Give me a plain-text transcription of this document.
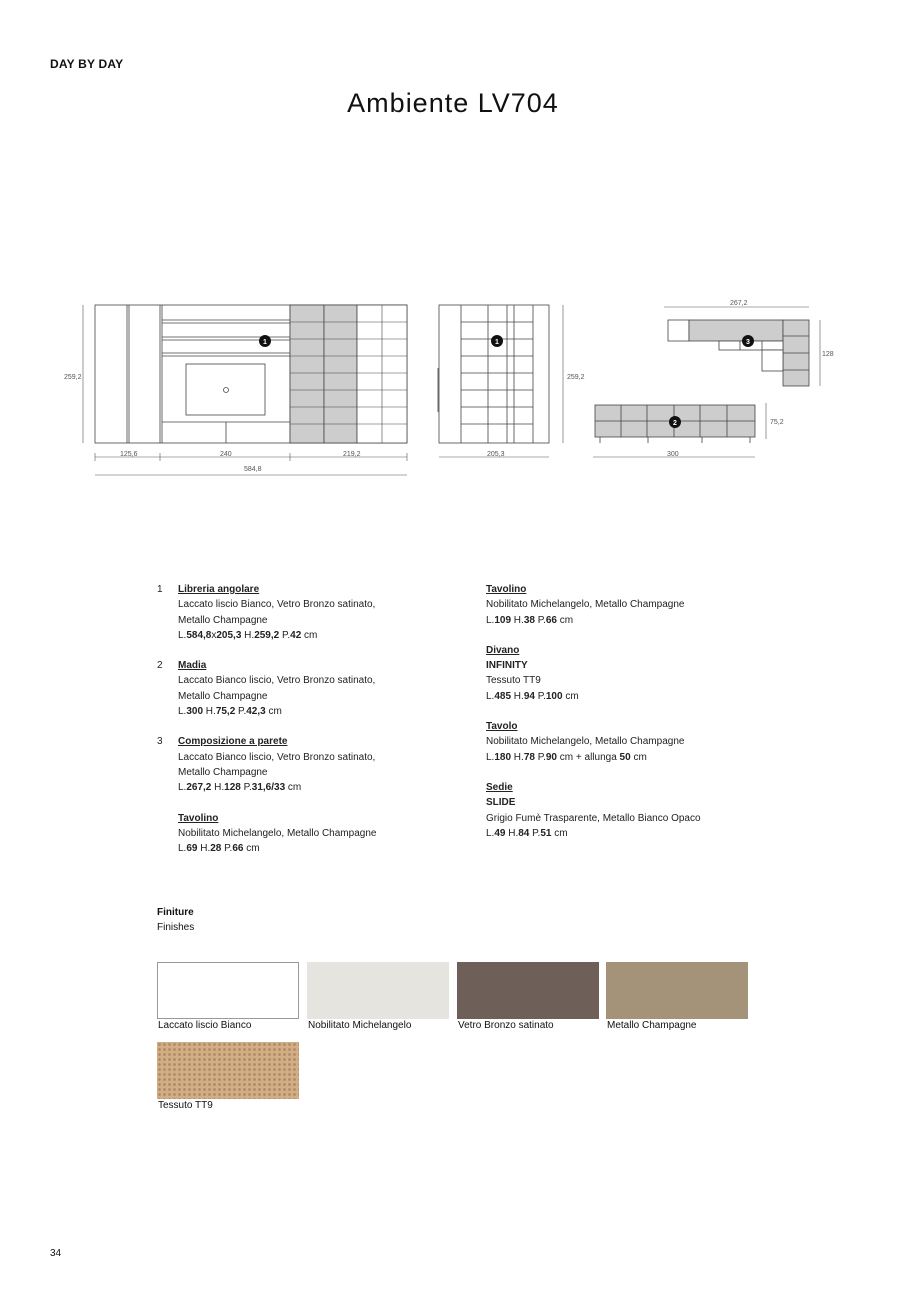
DAY BY DAY
Ambiente LV704
259,2
125,6	240	219,2
584,8
259,2
205,3
267,2
128
75,2
300
1	1	3
2
1 Libreria angolare
Laccato liscio Bianco, Vetro Bronzo satinato,
Metallo Champagne
L.584,8x205,3 H.259,2 P.42 cm
2 Madia
Laccato Bianco liscio, Vetro Bronzo satinato,
Metallo Champagne
L.300 H.75,2 P.42,3 cm
3 Composizione a parete
Laccato Bianco liscio, Vetro Bronzo satinato,
Metallo Champagne
L.267,2 H.128 P.31,6/33 cm
Tavolino
Nobilitato Michelangelo, Metallo Champagne
L.69 H.28 P.66 cm
Tavolino
Nobilitato Michelangelo, Metallo Champagne
L.109 H.38 P.66 cm
Divano
INFINITY
Tessuto TT9
L.485 H.94 P.100 cm
Tavolo
Nobilitato Michelangelo, Metallo Champagne
L.180 H.78 P.90 cm + allunga 50 cm
Sedie
SLIDE
Grigio Fumè Trasparente, Metallo Bianco Opaco
L.49 H.84 P.51 cm
Finiture
Finishes
Laccato liscio Bianco	Nobilitato Michelangelo	Vetro Bronzo satinato	Metallo Champagne
Tessuto TT9
34
